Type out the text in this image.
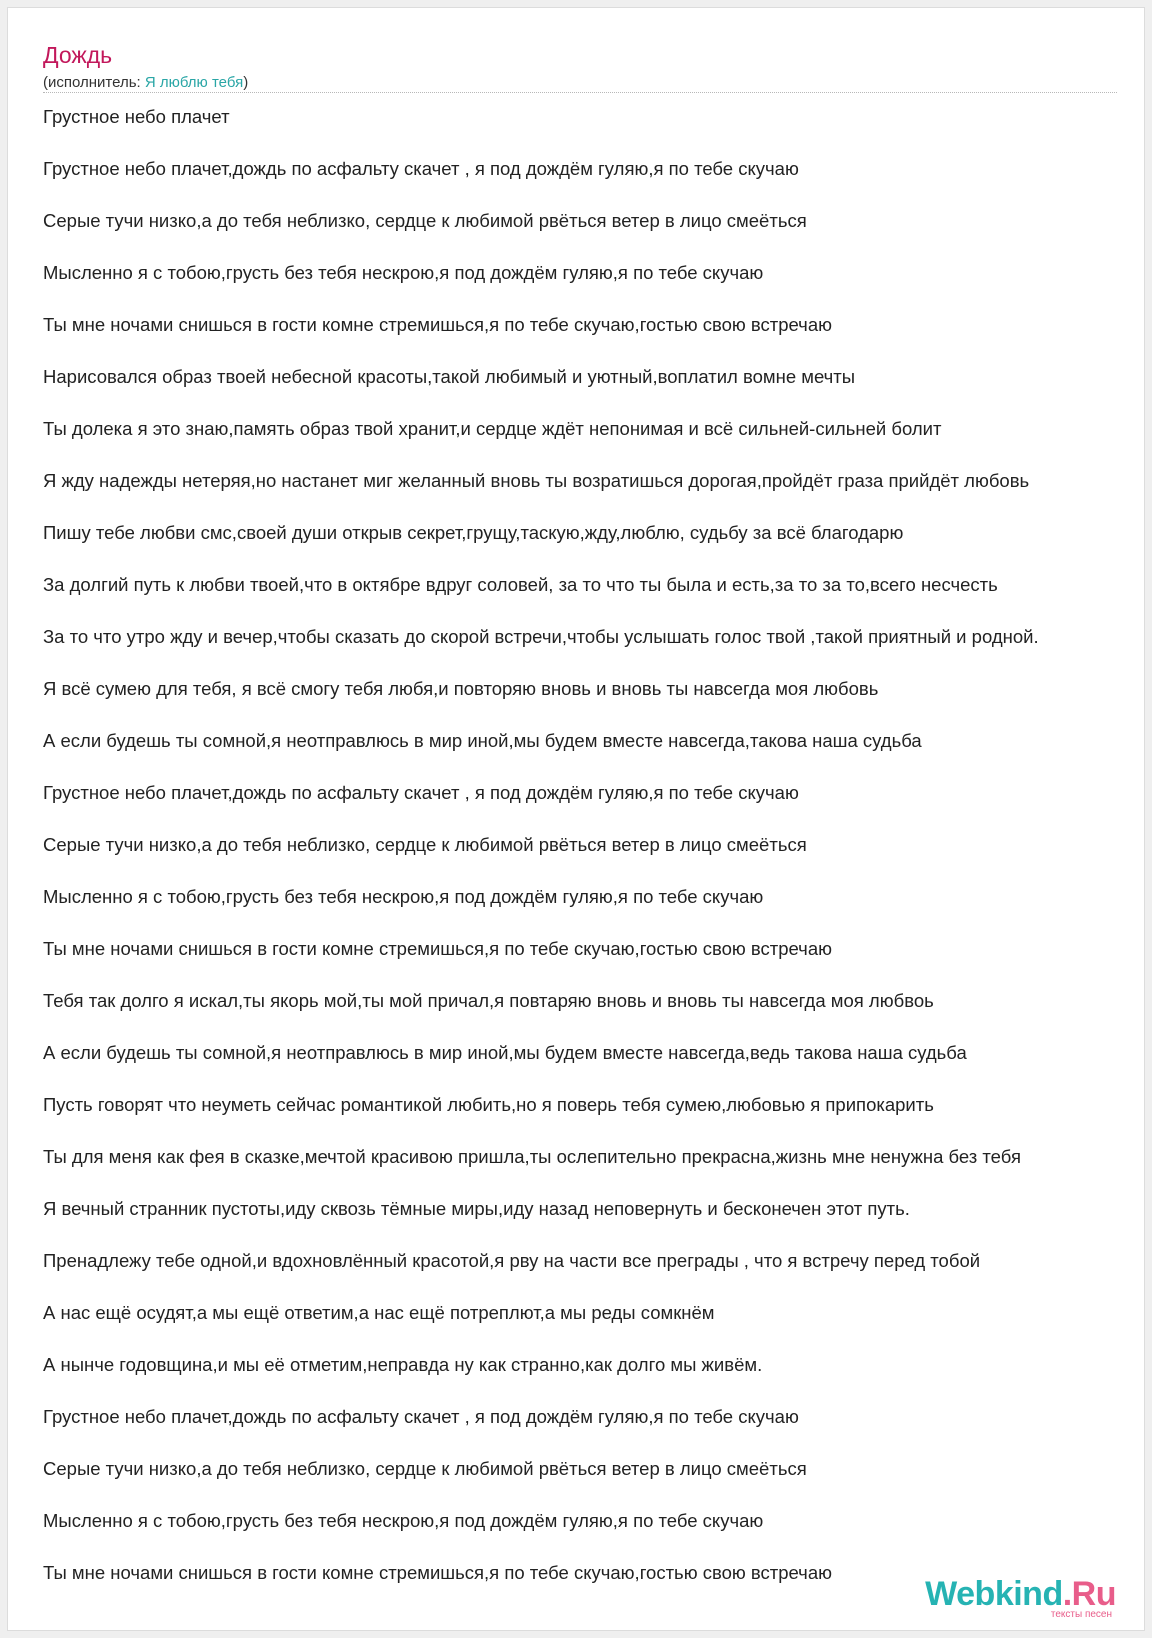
Дождь
(исполнитель: Я люблю тебя)
Грустное небо плачет
Грустное небо плачет,дождь по асфальту скачет , я под дождём гуляю,я по тебе скучаю
Серые тучи низко,а до тебя неблизко, сердце к любимой рвёться ветер в лицо смеёться
Мысленно я с тобою,грусть без тебя нескрою,я под дождём гуляю,я по тебе скучаю
Ты мне ночами снишься в гости комне стремишься,я по тебе скучаю,гостью свою встречаю
Нарисовался образ твоей небесной красоты,такой любимый и уютный,воплатил вомне мечты
Ты долека я это знаю,память образ твой хранит,и сердце ждёт непонимая и всё сильней-сильней болит
Я жду надежды нетеряя,но настанет миг желанный вновь ты возратишься дорогая,пройдёт граза прийдёт любовь
Пишу тебе любви смс,своей души открыв секрет,грущу,таскую,жду,люблю, судьбу за всё благодарю
За долгий путь к любви твоей,что в октябре вдруг соловей, за то что ты была и есть,за то за то,всего несчесть
За то что утро жду и вечер,чтобы сказать до скорой встречи,чтобы услышать голос твой ,такой приятный и родной.
Я всё сумею для тебя, я всё смогу тебя любя,и повторяю вновь и вновь ты навсегда моя любовь
А если будешь ты сомной,я неотправлюсь в мир иной,мы будем вместе навсегда,такова наша судьба
Грустное небо плачет,дождь по асфальту скачет , я под дождём гуляю,я по тебе скучаю
Серые тучи низко,а до тебя неблизко, сердце к любимой рвёться ветер в лицо смеёться
Мысленно я с тобою,грусть без тебя нескрою,я под дождём гуляю,я по тебе скучаю
Ты мне ночами снишься в гости комне стремишься,я по тебе скучаю,гостью свою встречаю
Тебя так долго я искал,ты якорь мой,ты мой причал,я повтаряю вновь и вновь ты навсегда моя любвоь
А если будешь ты сомной,я неотправлюсь в мир иной,мы будем вместе навсегда,ведь такова наша судьба
Пусть говорят что неуметь сейчас романтикой любить,но я поверь тебя сумею,любовью я припокарить
Ты для меня как фея в сказке,мечтой красивою пришла,ты ослепительно прекрасна,жизнь мне ненужна без тебя
Я вечный странник пустоты,иду сквозь тёмные миры,иду назад неповернуть и бесконечен этот путь.
Пренадлежу тебе одной,и вдохновлённый красотой,я рву на части все преграды , что я встречу перед тобой
А нас ещё осудят,а мы ещё ответим,а нас ещё потреплют,а мы реды сомкнём
А нынче годовщина,и мы её отметим,неправда ну как странно,как долго мы живём.
Грустное небо плачет,дождь по асфальту скачет , я под дождём гуляю,я по тебе скучаю
Серые тучи низко,а до тебя неблизко, сердце к любимой рвёться ветер в лицо смеёться
Мысленно я с тобою,грусть без тебя нескрою,я под дождём гуляю,я по тебе скучаю
Ты мне ночами снишься в гости комне стремишься,я по тебе скучаю,гостью свою встречаю
Webkind.Ru
тексты песен
